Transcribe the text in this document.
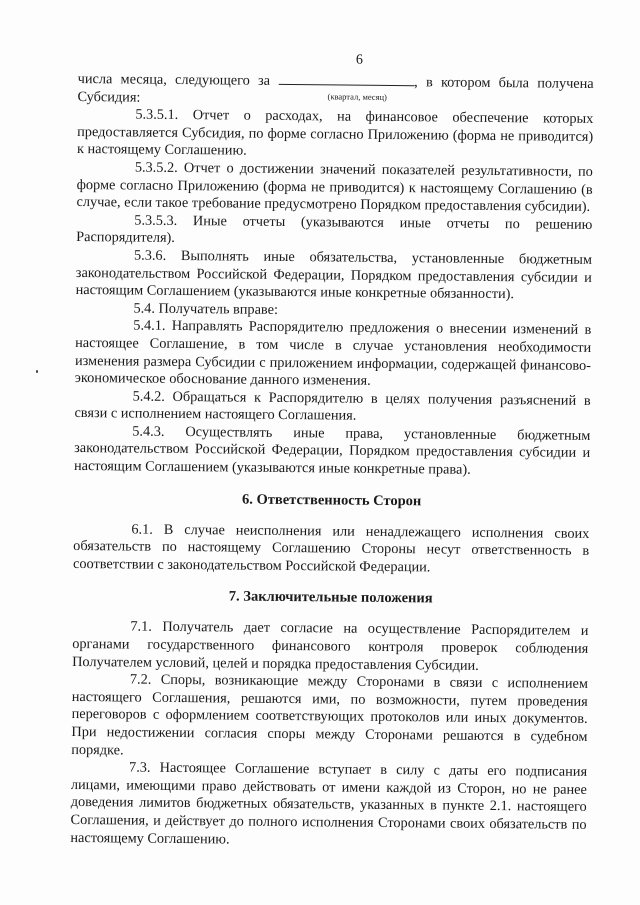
6

числа месяца, следующего за	, в котором была получена Субсидия:	(квартал, месяц)

5.3.5.1. Отчет о расходах, на финансовое обеспечение которых предоставляется Субсидия, по форме согласно Приложению (форма не приводится) к настоящему Соглашению.

5.3.5.2. Отчет о достижении значений показателей результативности, по форме согласно Приложению (форма не приводится) к настоящему Соглашению (в случае, если такое требование предусмотрено Порядком предоставления субсидии).

5.3.5.3. Иные отчеты (указываются иные отчеты по решению Распорядителя).

5.3.6. Выполнять иные обязательства, установленные бюджетным законодательством Российской Федерации, Порядком предоставления субсидии и настоящим Соглашением (указываются иные конкретные обязанности).

5.4. Получатель вправе:

5.4.1. Направлять Распорядителю предложения о внесении изменений в настоящее Соглашение, в том числе в случае установления необходимости изменения размера Субсидии с приложением информации, содержащей финансово-экономическое обоснование данного изменения.

5.4.2. Обращаться к Распорядителю в целях получения разъяснений в связи с исполнением настоящего Соглашения.

5.4.3. Осуществлять иные права, установленные бюджетным законодательством Российской Федерации, Порядком предоставления субсидии и настоящим Соглашением (указываются иные конкретные права).

6. Ответственность Сторон

6.1. В случае неисполнения или ненадлежащего исполнения своих обязательств по настоящему Соглашению Стороны несут ответственность в соответствии с законодательством Российской Федерации.

7. Заключительные положения

7.1. Получатель дает согласие на осуществление Распорядителем и органами государственного финансового контроля проверок соблюдения Получателем условий, целей и порядка предоставления Субсидии.

7.2. Споры, возникающие между Сторонами в связи с исполнением настоящего Соглашения, решаются ими, по возможности, путем проведения переговоров с оформлением соответствующих протоколов или иных документов. При недостижении согласия споры между Сторонами решаются в судебном порядке.

7.3. Настоящее Соглашение вступает в силу с даты его подписания лицами, имеющими право действовать от имени каждой из Сторон, но не ранее доведения лимитов бюджетных обязательств, указанных в пункте 2.1. настоящего Соглашения, и действует до полного исполнения Сторонами своих обязательств по настоящему Соглашению.
